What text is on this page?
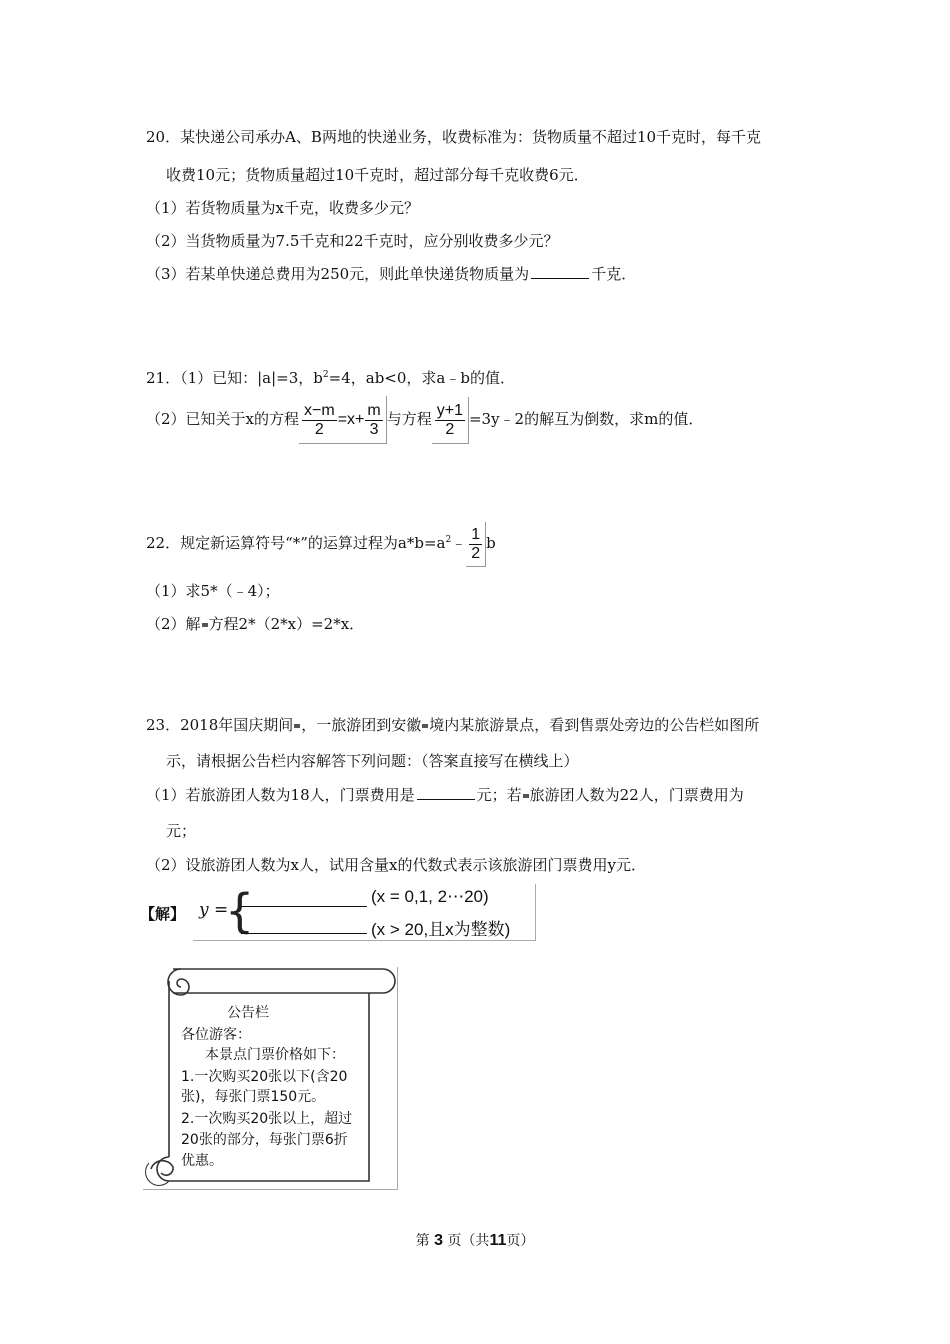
20．某快递公司承办A、B两地的快递业务，收费标准为：货物质量不超过10千克时，每千克
收费10元；货物质量超过10千克时，超过部分每千克收费6元．
（1）若货物质量为x千克，收费多少元？
（2）当货物质量为7.5千克和22千克时，应分别收费多少元？
（3）若某单快递总费用为250元，则此单快递货物质量为	千克．
21．（1）已知：|a|=3，$b^2=4$，ab<0，求a﹣b的值．
（2）已知关于x的方程 $\frac{x-m}{2} =x+ \frac{m}{3}$ 与方程 $\frac{y+1}{2}$ =3y﹣2的解互为倒数，求m的值．
22．规定新运算符号“*”的运算过程为$a*b=a^2﹣ \frac{1}{2}$ b
（1）求5*（﹣4）；
（2）解 方程2*（2*x）=2*x．
23．2018年国庆期间 ，一旅游团到安徽 境内某旅游景点，看到售票处旁边的公告栏如图所
示，请根据公告栏内容解答下列问题：（答案直接写在横线上）
（1）若旅游团人数为18人，门票费用是	元；若 旅游团人数为22人，门票费用为
元；
（2）设旅游团人数为x人，试用含量x的代数式表示该旅游团门票费用y元．
【解】 y =
{	(x = 0,1, 2⋯20)
(x > 20,且x为整数)
公告栏
各位游客：
本景点门票价格如下：
1.一次购买20张以下(含20
张)，每张门票150元。
2.一次购买20张以上，超过
20张的部分，每张门票6折
优惠。
第 3 页（共11页）
